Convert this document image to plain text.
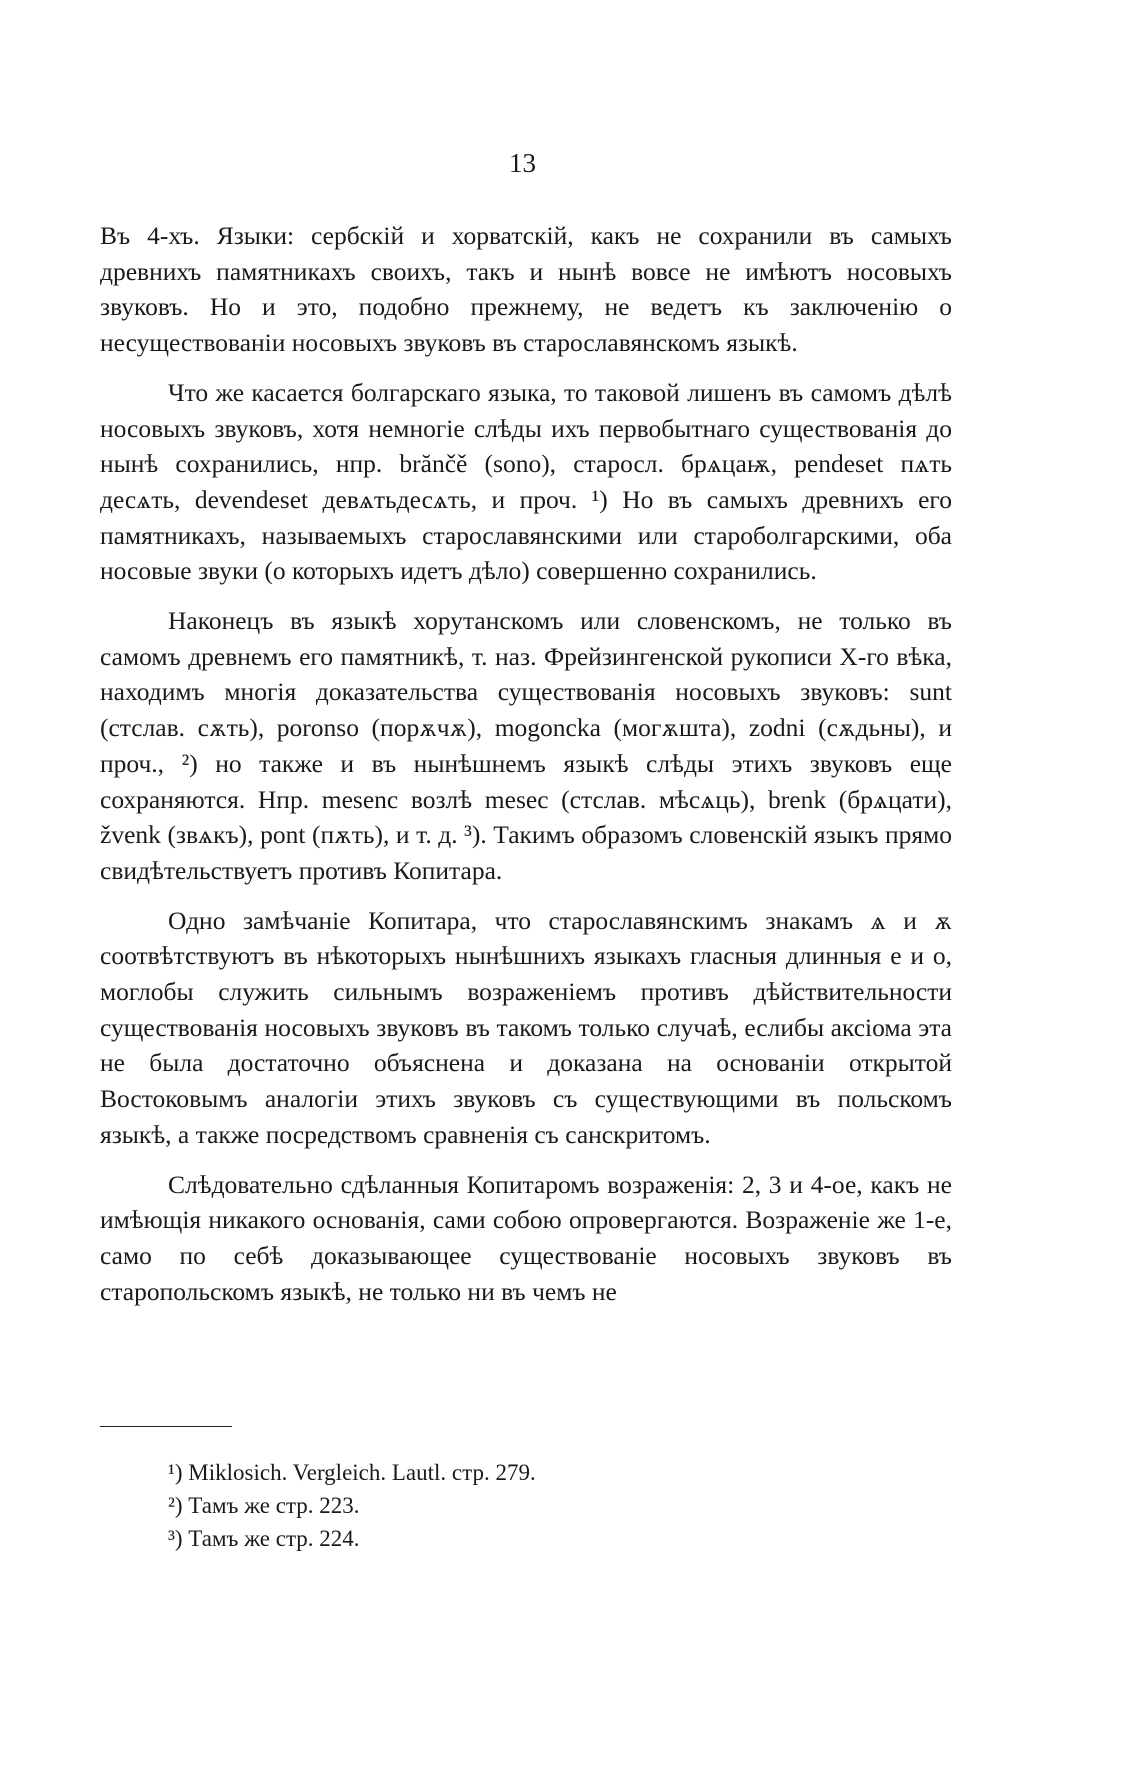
13

Въ 4-хъ. Языки: сербскій и хорватскій, какъ не сохранили въ самыхъ древнихъ памятникахъ своихъ, такъ и нынѣ вовсе не имѣютъ носовыхъ звуковъ. Но и это, подобно прежнему, не ведетъ къ заключенію о несуществованіи носовыхъ звуковъ въ старославянскомъ языкѣ.

Что же касается болгарскаго языка, то таковой лишенъ въ самомъ дѣлѣ носовыхъ звуковъ, хотя немногіе слѣды ихъ первобытнаго существованія до нынѣ сохранились, нпр. brănčě (sono), старосл. брѧцаѭ, pendeset пѧть десѧть, devendeset девѧтьдесѧть, и проч. ¹) Но въ самыхъ древнихъ его памятникахъ, называемыхъ старославянскими или староболгарскими, оба носовые звуки (о которыхъ идетъ дѣло) совершенно сохранились.

Наконецъ въ языкѣ хорутанскомъ или словенскомъ, не только въ самомъ древнемъ его памятникѣ, т. наз. Фрейзингенской рукописи X-го вѣка, находимъ многія доказательства существованія носовыхъ звуковъ: sunt (стслав. сѫть), poronso (порѫчѫ), mogoncka (могѫшта), zodni (сѫдьны), и проч., ²) но также и въ нынѣшнемъ языкѣ слѣды этихъ звуковъ еще сохраняются. Нпр. mesenc возлѣ mesec (стслав. мѣсѧць), brenk (брѧцати), žvenk (звѧкъ), pont (пѫть), и т. д. ³). Такимъ образомъ словенскій языкъ прямо свидѣтельствуетъ противъ Копитара.

Одно замѣчаніе Копитара, что старославянскимъ знакамъ ѧ и ѫ соотвѣтствуютъ въ нѣкоторыхъ нынѣшнихъ языкахъ гласныя длинныя е и о, моглобы служить сильнымъ возраженіемъ противъ дѣйствительности существованія носовыхъ звуковъ въ такомъ только случаѣ, еслибы аксіома эта не была достаточно объяснена и доказана на основаніи открытой Востоковымъ аналогіи этихъ звуковъ съ существующими въ польскомъ языкѣ, а также посредствомъ сравненія съ санскритомъ.

Слѣдовательно сдѣланныя Копитаромъ возраженія: 2, 3 и 4-ое, какъ не имѣющія никакого основанія, сами собою опровергаются. Возраженіе же 1-е, само по себѣ доказывающее существованіе носовыхъ звуковъ въ старопольскомъ языкѣ, не только ни въ чемъ не

¹) Miklosich. Vergleich. Lautl. стр. 279.
²) Тамъ же стр. 223.
³) Тамъ же стр. 224.
